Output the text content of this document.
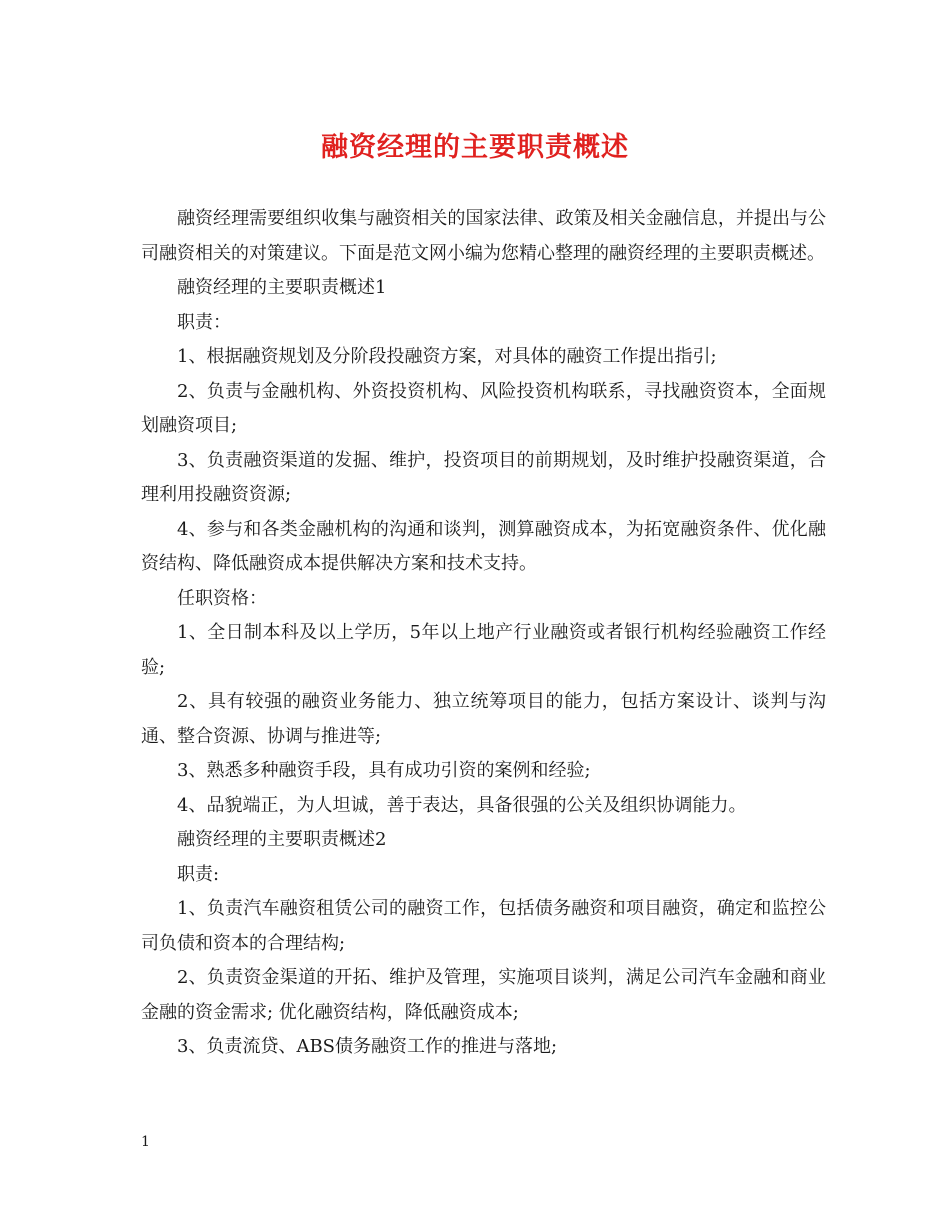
融资经理的主要职责概述

融资经理需要组织收集与融资相关的国家法律、政策及相关金融信息，并提出与公司融资相关的对策建议。下面是范文网小编为您精心整理的融资经理的主要职责概述。

融资经理的主要职责概述1

职责：

1、根据融资规划及分阶段投融资方案，对具体的融资工作提出指引;

2、负责与金融机构、外资投资机构、风险投资机构联系，寻找融资资本，全面规划融资项目;

3、负责融资渠道的发掘、维护，投资项目的前期规划，及时维护投融资渠道，合理利用投融资资源;

4、参与和各类金融机构的沟通和谈判，测算融资成本，为拓宽融资条件、优化融资结构、降低融资成本提供解决方案和技术支持。

任职资格：

1、全日制本科及以上学历，5年以上地产行业融资或者银行机构经验融资工作经验;

2、具有较强的融资业务能力、独立统筹项目的能力，包括方案设计、谈判与沟通、整合资源、协调与推进等;

3、熟悉多种融资手段，具有成功引资的案例和经验;

4、品貌端正，为人坦诚，善于表达，具备很强的公关及组织协调能力。

融资经理的主要职责概述2

职责:

1、负责汽车融资租赁公司的融资工作，包括债务融资和项目融资，确定和监控公司负债和资本的合理结构;

2、负责资金渠道的开拓、维护及管理，实施项目谈判，满足公司汽车金融和商业金融的资金需求; 优化融资结构，降低融资成本;

3、负责流贷、ABS债务融资工作的推进与落地;

1
